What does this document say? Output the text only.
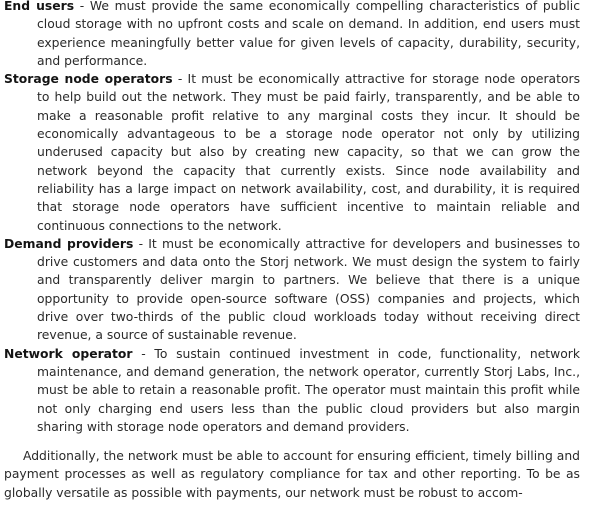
End users - We must provide the same economically compelling characteristics of public cloud storage with no upfront costs and scale on demand. In addition, end users must experience meaningfully better value for given levels of capacity, durability, security, and performance.

Storage node operators - It must be economically attractive for storage node operators to help build out the network. They must be paid fairly, transparently, and be able to make a reasonable profit relative to any marginal costs they incur. It should be economically advantageous to be a storage node operator not only by utilizing underused capacity but also by creating new capacity, so that we can grow the network beyond the capacity that currently exists. Since node availability and reliability has a large impact on network availability, cost, and durability, it is required that storage node operators have sufficient incentive to maintain reliable and continuous connections to the network.

Demand providers - It must be economically attractive for developers and businesses to drive customers and data onto the Storj network. We must design the system to fairly and transparently deliver margin to partners. We believe that there is a unique opportunity to provide open-source software (OSS) companies and projects, which drive over two-thirds of the public cloud workloads today without receiving direct revenue, a source of sustainable revenue.

Network operator - To sustain continued investment in code, functionality, network maintenance, and demand generation, the network operator, currently Storj Labs, Inc., must be able to retain a reasonable profit. The operator must maintain this profit while not only charging end users less than the public cloud providers but also margin sharing with storage node operators and demand providers.

Additionally, the network must be able to account for ensuring efficient, timely billing and payment processes as well as regulatory compliance for tax and other reporting. To be as globally versatile as possible with payments, our network must be robust to accom-
